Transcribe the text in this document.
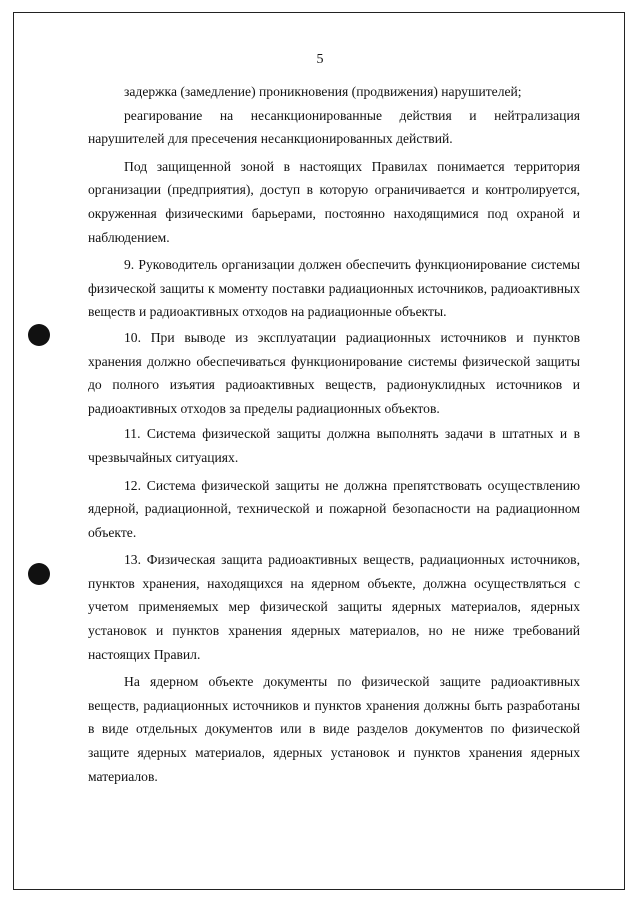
5

задержка (замедление) проникновения (продвижения) нарушителей;

реагирование на несанкционированные действия и нейтрализация нарушителей для пресечения несанкционированных действий.

Под защищенной зоной в настоящих Правилах понимается территория организации (предприятия), доступ в которую ограничивается и контролируется, окруженная физическими барьерами, постоянно находящимися под охраной и наблюдением.

9. Руководитель организации должен обеспечить функционирование системы физической защиты к моменту поставки радиационных источников, радиоактивных веществ и радиоактивных отходов на радиационные объекты.

10. При выводе из эксплуатации радиационных источников и пунктов хранения должно обеспечиваться функционирование системы физической защиты до полного изъятия радиоактивных веществ, радионуклидных источников и радиоактивных отходов за пределы радиационных объектов.

11. Система физической защиты должна выполнять задачи в штатных и в чрезвычайных ситуациях.

12. Система физической защиты не должна препятствовать осуществлению ядерной, радиационной, технической и пожарной безопасности на радиационном объекте.

13. Физическая защита радиоактивных веществ, радиационных источников, пунктов хранения, находящихся на ядерном объекте, должна осуществляться с учетом применяемых мер физической защиты ядерных материалов, ядерных установок и пунктов хранения ядерных материалов, но не ниже требований настоящих Правил.

На ядерном объекте документы по физической защите радиоактивных веществ, радиационных источников и пунктов хранения должны быть разработаны в виде отдельных документов или в виде разделов документов по физической защите ядерных материалов, ядерных установок и пунктов хранения ядерных материалов.
